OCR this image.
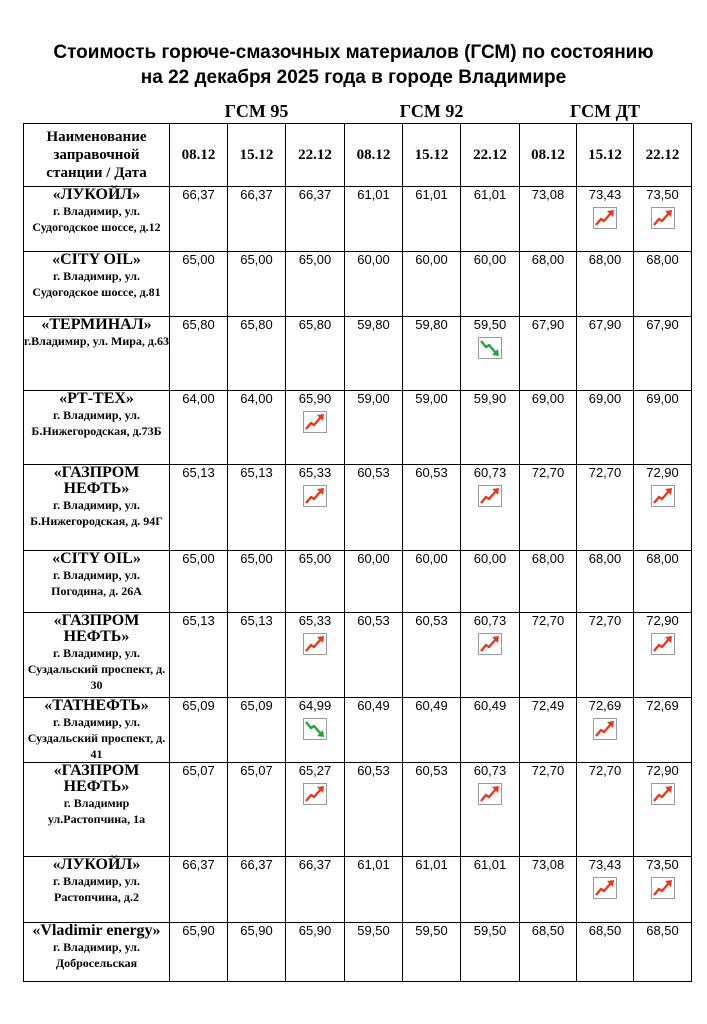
Стоимость горюче-смазочных материалов (ГСМ) по состоянию
на 22 декабря 2025 года в городе Владимире
ГСМ 95	ГСМ 92	ГСМ ДТ
Наименование заправочной станции / Дата	08.12	15.12	22.12	08.12	15.12	22.12	08.12	15.12	22.12

«ЛУКОЙЛ»
г. Владимир, ул. Судогодское шоссе, д.12	66,37	66,37	66,37	61,01	61,01	61,01	73,08	73,43	73,50

«CITY OIL»
г. Владимир, ул. Судогодское шоссе, д.81	65,00	65,00	65,00	60,00	60,00	60,00	68,00	68,00	68,00

«ТЕРМИНАЛ»
г.Владимир, ул. Мира, д.63	65,80	65,80	65,80	59,80	59,80	59,50	67,90	67,90	67,90

«РТ-ТЕХ»
г. Владимир, ул. Б.Нижегородская, д.73Б	64,00	64,00	65,90	59,00	59,00	59,90	69,00	69,00	69,00

«ГАЗПРОМ НЕФТЬ»
г. Владимир, ул. Б.Нижегородская, д. 94Г	65,13	65,13	65,33	60,53	60,53	60,73	72,70	72,70	72,90

«CITY OIL»
г. Владимир, ул. Погодина, д. 26А	65,00	65,00	65,00	60,00	60,00	60,00	68,00	68,00	68,00

«ГАЗПРОМ НЕФТЬ»
г. Владимир, ул. Суздальский проспект, д. 30	65,13	65,13	65,33	60,53	60,53	60,73	72,70	72,70	72,90

«ТАТНЕФТЬ»
г. Владимир, ул. Суздальский проспект, д. 41	65,09	65,09	64,99	60,49	60,49	60,49	72,49	72,69	72,69

«ГАЗПРОМ НЕФТЬ»
г. Владимир ул.Растопчина, 1а	65,07	65,07	65,27	60,53	60,53	60,73	72,70	72,70	72,90

«ЛУКОЙЛ»
г. Владимир, ул. Растопчина, д.2	66,37	66,37	66,37	61,01	61,01	61,01	73,08	73,43	73,50

«Vladimir energy»
г. Владимир, ул. Добросельская	65,90	65,90	65,90	59,50	59,50	59,50	68,50	68,50	68,50
